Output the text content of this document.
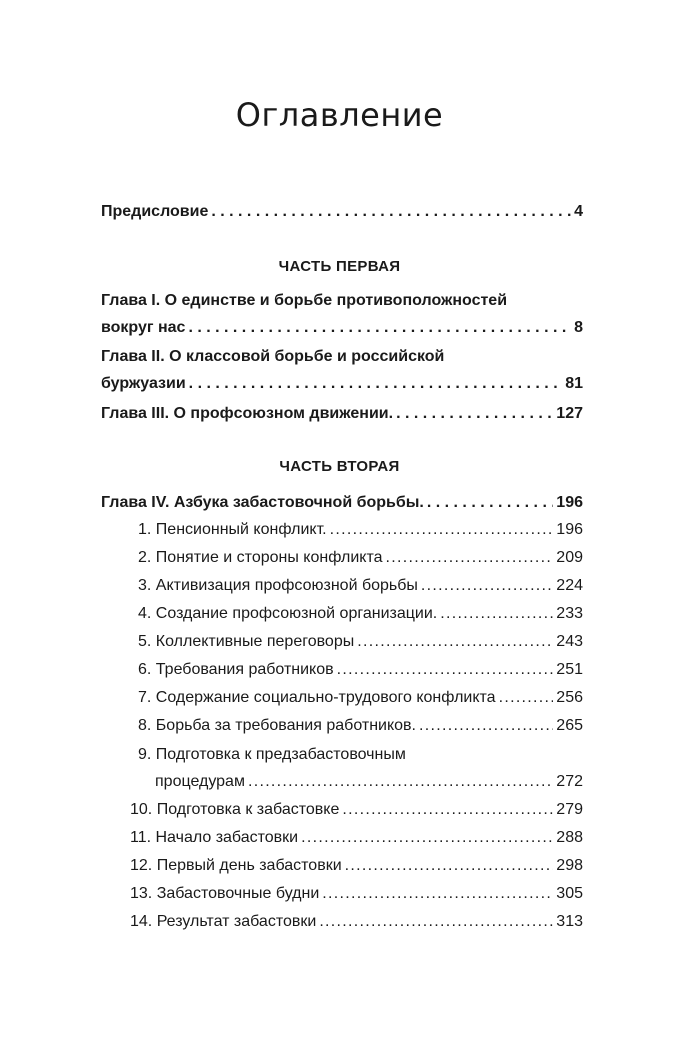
Оглавление
Предисловие . . .	4
ЧАСТЬ ПЕРВАЯ
Глава I. О единстве и борьбе противоположностей
вокруг нас . . .	8
Глава II. О классовой борьбе и российской
буржуазии . . .	81
Глава III. О профсоюзном движении. . . .	127
ЧАСТЬ ВТОРАЯ
Глава IV. Азбука забастовочной борьбы. . . .	196
1. Пенсионный конфликт. .....	196
2. Понятие и стороны конфликта .....	209
3. Активизация профсоюзной борьбы .....	224
4. Создание профсоюзной организации. .....	233
5. Коллективные переговоры .....	243
6. Требования работников .....	251
7. Содержание социально-трудового конфликта .....	256
8. Борьба за требования работников. .....	265
9. Подготовка к предзабастовочным
процедурам .....	272
10. Подготовка к забастовке .....	279
11. Начало забастовки .....	288
12. Первый день забастовки .....	298
13. Забастовочные будни .....	305
14. Результат забастовки .....	313
